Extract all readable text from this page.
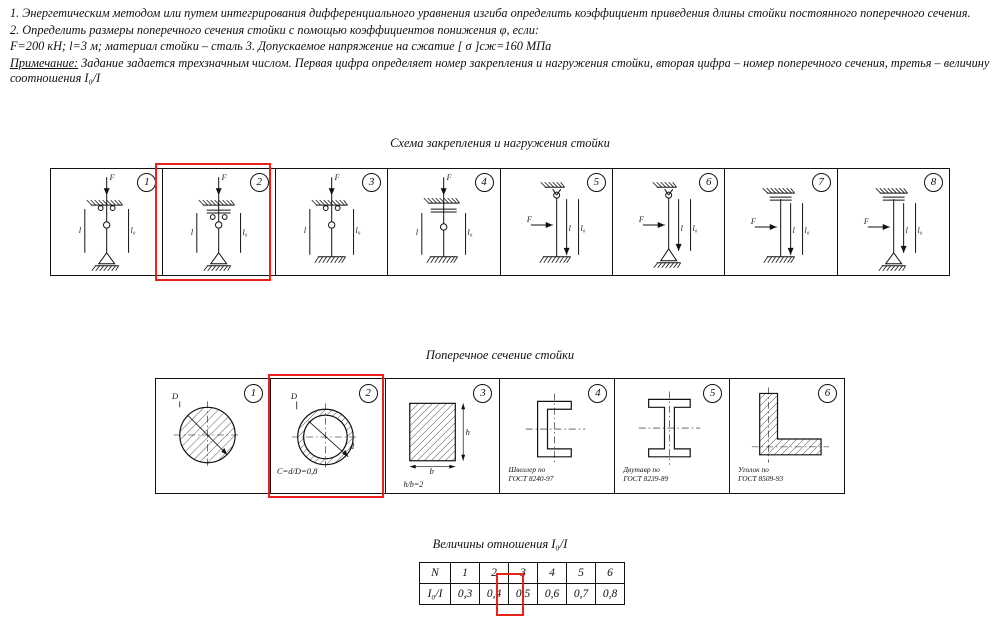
1. Энергетическим методом или путем интегрирования дифференциального уравнения изгиба определить коэффициент приведения длины стойки постоянного поперечного сечения.

2. Определить размеры поперечного сечения стойки с помощью коэффициентов понижения φ, если:

F=200 кН; l=3 м; материал стойки – сталь 3. Допускаемое напряжение на сжатие [ σ ]сж=160 МПа

Примечание: Задание задается трехзначным числом. Первая цифра определяет номер закрепления и нагружения стойки, вторая цифра – номер поперечного сечения, третья – величину соотношения I₀/I

Схема закрепления и нагружения стойки
1
F
l	l₀
2
F
l	l₀
3
F
l	l₀
4
F
l	l₀
5
F
l l₀
6
F
l l₀
7
F
l l₀
8
F
l l₀
Поперечное сечение стойки
1
D	D
d
C=d/D=0,8
3
h
b
h/b=2
4
Швеллер по
ГОСТ 8240-97
5
Двутавр по
ГОСТ 8239-89
6
Уголок по
ГОСТ 8509-93
Величины отношения I₀/I
N	1	2	3	4	5	6
I₀/I	0,3	0,4	0,5	0,6	0,7	0,8
